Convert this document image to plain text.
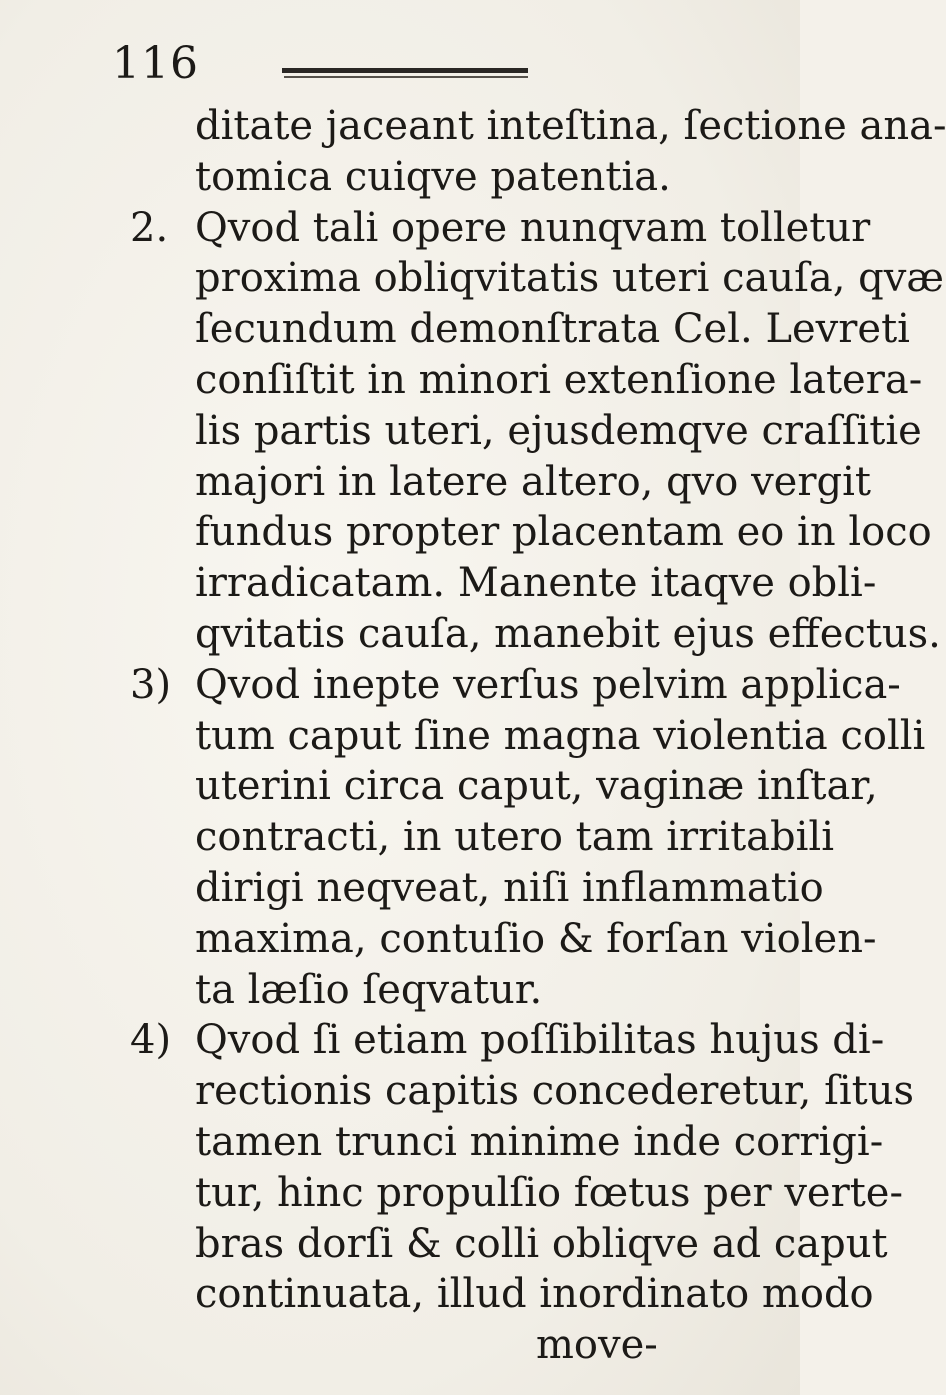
116
ditate jaceant inteſtina, ſectione ana-
tomica cuiqve patentia.
2. Qvod tali opere nunqvam tolletur
proxima obliqvitatis uteri cauſa, qvæ
ſecundum demonſtrata Cel. Levreti
conſiſtit in minori extenſione latera-
lis partis uteri, ejusdemqve craſſitie
majori in latere altero, qvo vergit
fundus propter placentam eo in loco
irradicatam. Manente itaqve obli-
qvitatis cauſa, manebit ejus effectus.
3) Qvod inepte verſus pelvim applica-
tum caput ſine magna violentia colli
uterini circa caput, vaginæ inſtar,
contracti, in utero tam irritabili
dirigi neqveat, niſi inflammatio
maxima, contuſio & forſan violen-
ta læſio ſeqvatur.
4) Qvod ſi etiam poſſibilitas hujus di-
rectionis capitis concederetur, ſitus
tamen trunci minime inde corrigi-
tur, hinc propulſio fœtus per verte-
bras dorſi & colli obliqve ad caput
continuata, illud inordinato modo
move-
